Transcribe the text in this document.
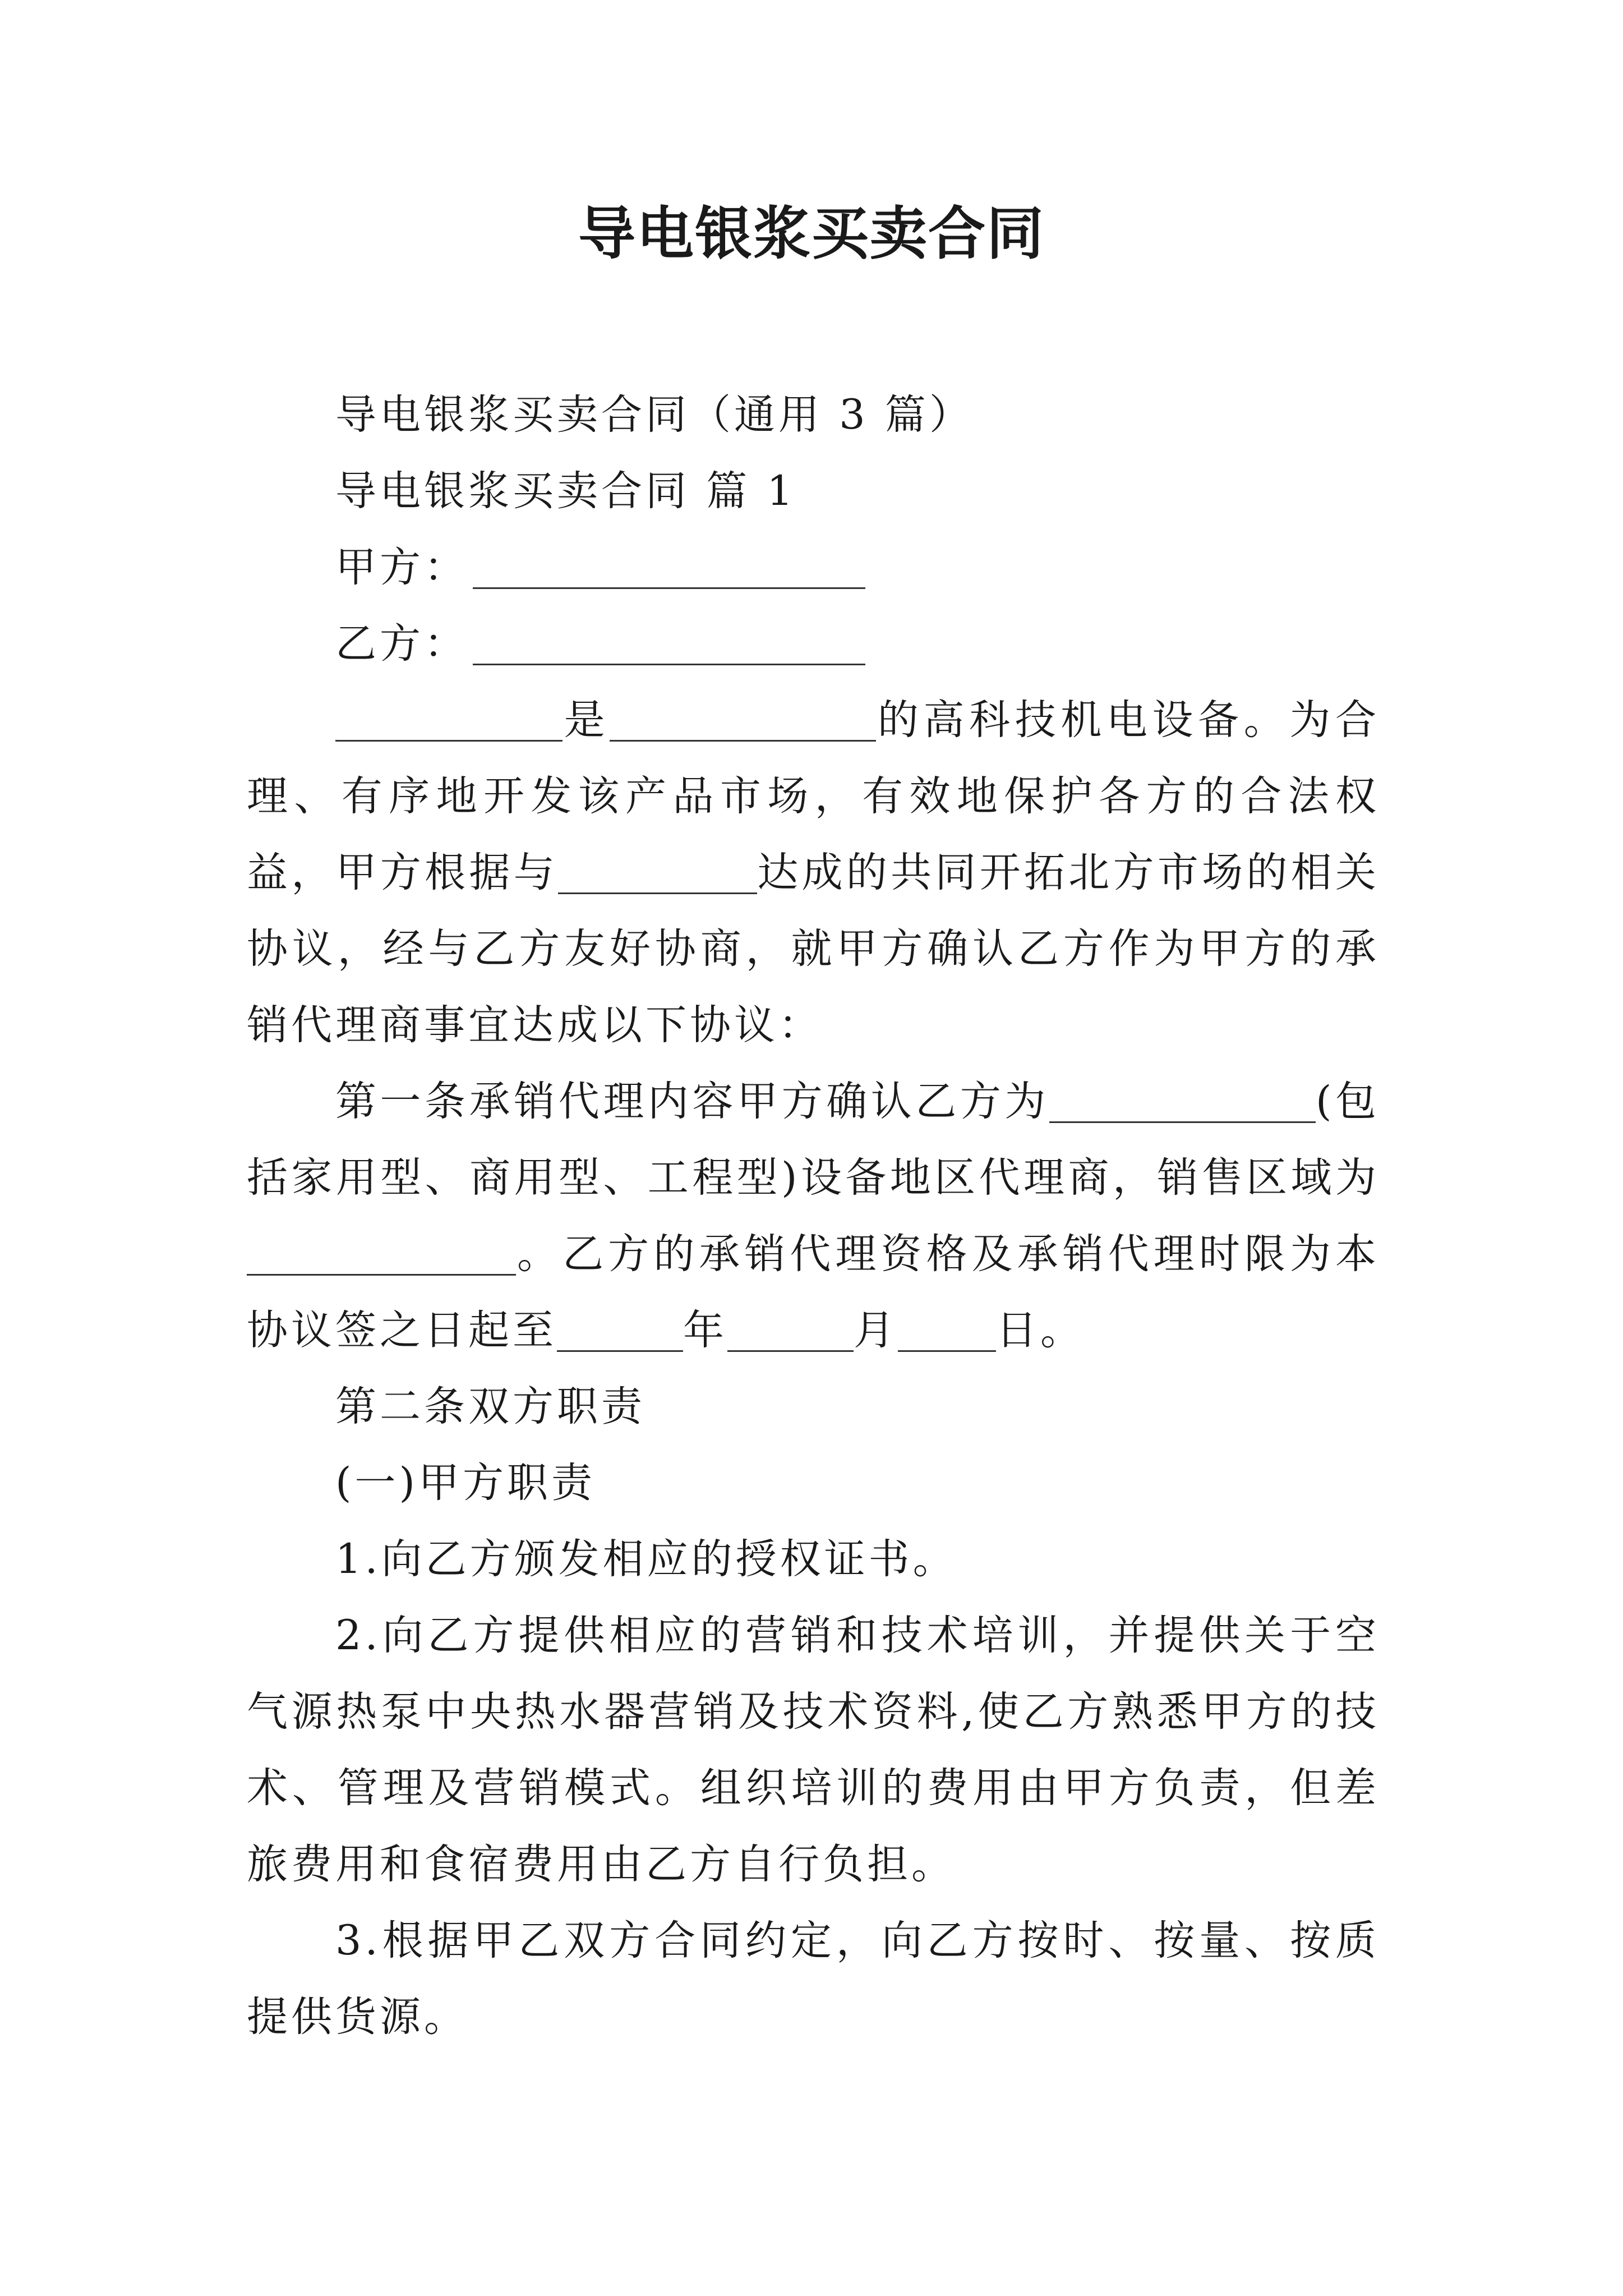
导电银浆买卖合同

导电银浆买卖合同（通用 3 篇）

导电银浆买卖合同 篇 1

甲方：

乙方：

是	的高科技机电设备。为合理、有序地开发该产品市场，有效地保护各方的合法权益，甲方根据与	达成的共同开拓北方市场的相关协议，经与乙方友好协商，就甲方确认乙方作为甲方的承销代理商事宜达成以下协议：

第一条承销代理内容甲方确认乙方为	(包括家用型、商用型、工程型)设备地区代理商，销售区域为。乙方的承销代理资格及承销代理时限为本协议签之日起至	年	月 日。

第二条双方职责

(一)甲方职责

1.向乙方颁发相应的授权证书。

2.向乙方提供相应的营销和技术培训，并提供关于空气源热泵中央热水器营销及技术资料,使乙方熟悉甲方的技术、管理及营销模式。组织培训的费用由甲方负责，但差旅费用和食宿费用由乙方自行负担。

3.根据甲乙双方合同约定，向乙方按时、按量、按质提供货源。
